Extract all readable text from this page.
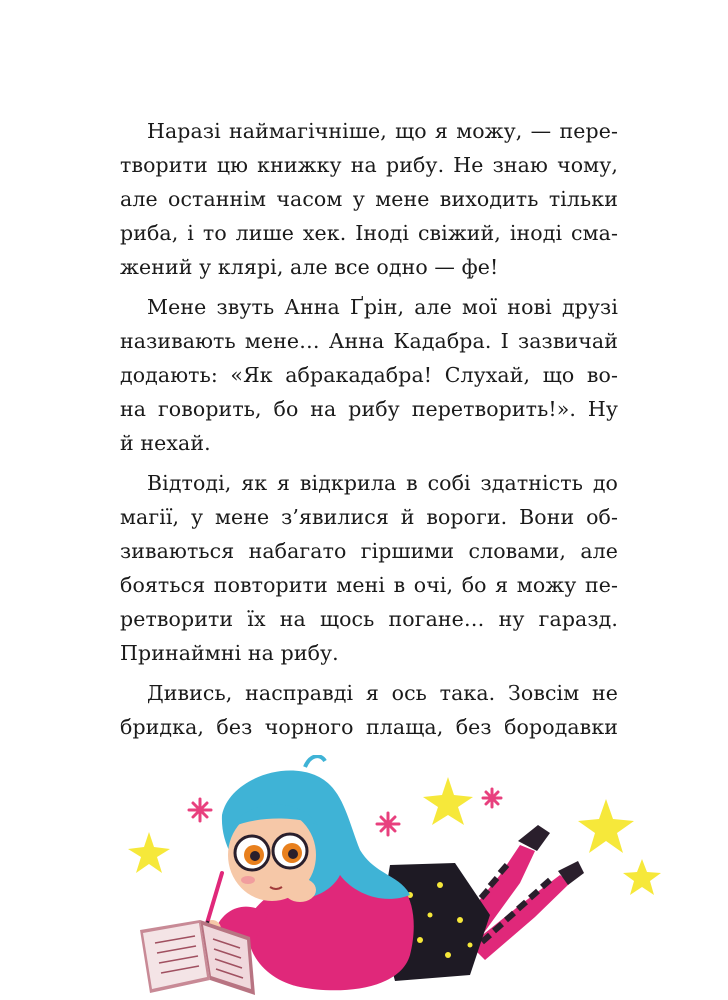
Наразі наймагічніше, що я можу, — пере-
творити цю книжку на рибу. Не знаю чому,
але останнім часом у мене виходить тільки
риба, і то лише хек. Іноді свіжий, іноді сма-
жений у клярі, але все одно — ф̦е!

Мене звуть Анна Ґрін, але мої нові друзі
називають мене… Анна Кадабра. І зазвичай
додають: «Як абракадабра! Слухай, що во-
на говорить, бо на рибу перетворить!». Ну
й нехай.

Відтоді, як я відкрила в собі здатність до
магії, у мене з’явилися й вороги. Вони об-
зиваються набагато гіршими словами, але
бояться повторити мені в очі, бо я можу пе-
ретворити їх на щось погане… ну гаразд.
Принаймні на рибу.

Дивись, насправді я ось така. Зовсім не
бридка, без чорного плаща, без бородавки
